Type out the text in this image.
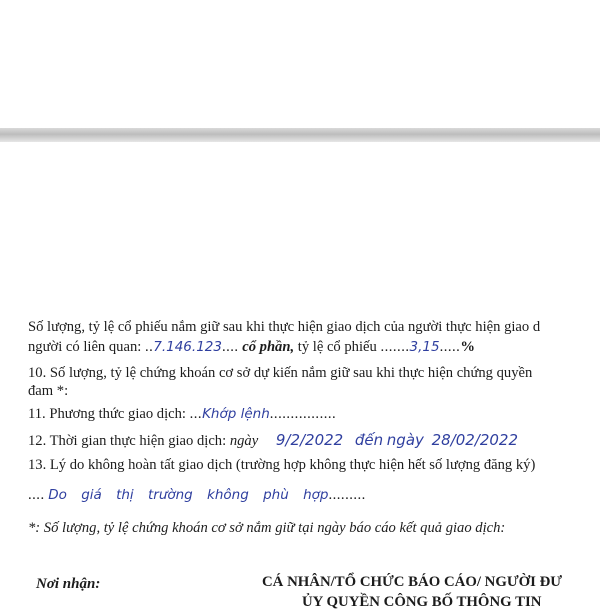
Số lượng, tỷ lệ cổ phiếu nắm giữ sau khi thực hiện giao dịch của người thực hiện giao d
người có liên quan: ..7.146.123.... cổ phần, tỷ lệ cổ phiếu .......3,15.....%
10. Số lượng, tỷ lệ chứng khoán cơ sở dự kiến nắm giữ sau khi thực hiện chứng quyền
đam *:
11. Phương thức giao dịch: ...Khớp lệnh................
12. Thời gian thực hiện giao dịch: ngày 9/2/2022 đến ngày 28/02/2022
13. Lý do không hoàn tất giao dịch (trường hợp không thực hiện hết số lượng đăng ký)
.... Do giá thị trường không phù hợp.........
*: Số lượng, tỷ lệ chứng khoán cơ sở nắm giữ tại ngày báo cáo kết quả giao dịch:
Nơi nhận:	CÁ NHÂN/TỔ CHỨC BÁO CÁO/ NGƯỜI ĐƯ
ỦY QUYỀN CÔNG BỐ THÔNG TIN
